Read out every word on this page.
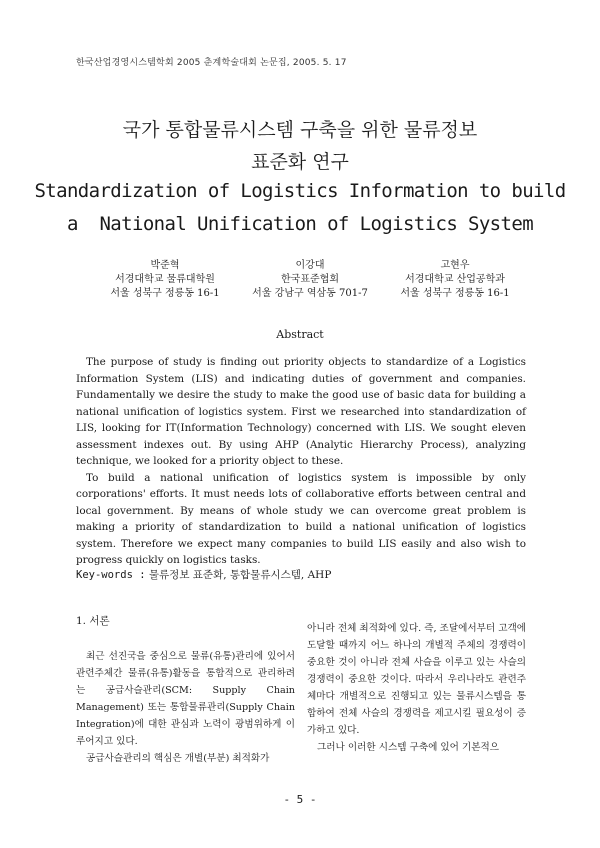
한국산업경영시스템학회 2005 춘계학술대회 논문집, 2005. 5. 17
국가 통합물류시스템 구축을 위한 물류정보
표준화 연구
Standardization of Logistics Information to build
a  National Unification of Logistics System
박준혁
서경대학교 물류대학원
서울 성북구 정릉동 16-1
이강대
한국표준협회
서울 강남구 역삼동 701-7
고현우
서경대학교 산업공학과
서울 성북구 정릉동 16-1
Abstract

The purpose of study is finding out priority objects to standardize of a Logistics Information System (LIS) and indicating duties of government and companies. Fundamentally we desire the study to make the good use of basic data for building a national unification of logistics system. First we researched into standardization of LIS, looking for IT(Information Technology) concerned with LIS. We sought eleven assessment indexes out. By using AHP (Analytic Hierarchy Process), analyzing technique, we looked for a priority object to these.

To build a national unification of logistics system is impossible by only corporations' efforts. It must needs lots of collaborative efforts between central and local government. By means of whole study we can overcome great problem is making a priority of standardization to build a national unification of logistics system. Therefore we expect many companies to build LIS easily and also wish to progress quickly on logistics tasks.

Key-words : 물류정보 표준화, 통합물류시스템, AHP
1. 서론

최근 선진국을 중심으로 물류(유통)관리에 있어서 관련주체간 물류(유통)활동을 통합적으로 관리하려는 공급사슬관리(SCM: Supply Chain Management) 또는 통합물류관리(Supply Chain Integration)에 대한 관심과 노력이 광범위하게 이루어지고 있다.

공급사슬관리의 핵심은 개별(부분) 최적화가

아니라 전체 최적화에 있다. 즉, 조달에서부터 고객에 도달할 때까지 어느 하나의 개별적 주체의 경쟁력이 중요한 것이 아니라 전체 사슬을 이루고 있는 사슬의 경쟁력이 중요한 것이다. 따라서 우리나라도 관련주체마다 개별적으로 진행되고 있는 물류시스템을 통합하여 전체 사슬의 경쟁력을 제고시킬 필요성이 증가하고 있다.

그러나 이러한 시스템 구축에 있어 기본적으

- 5 -
